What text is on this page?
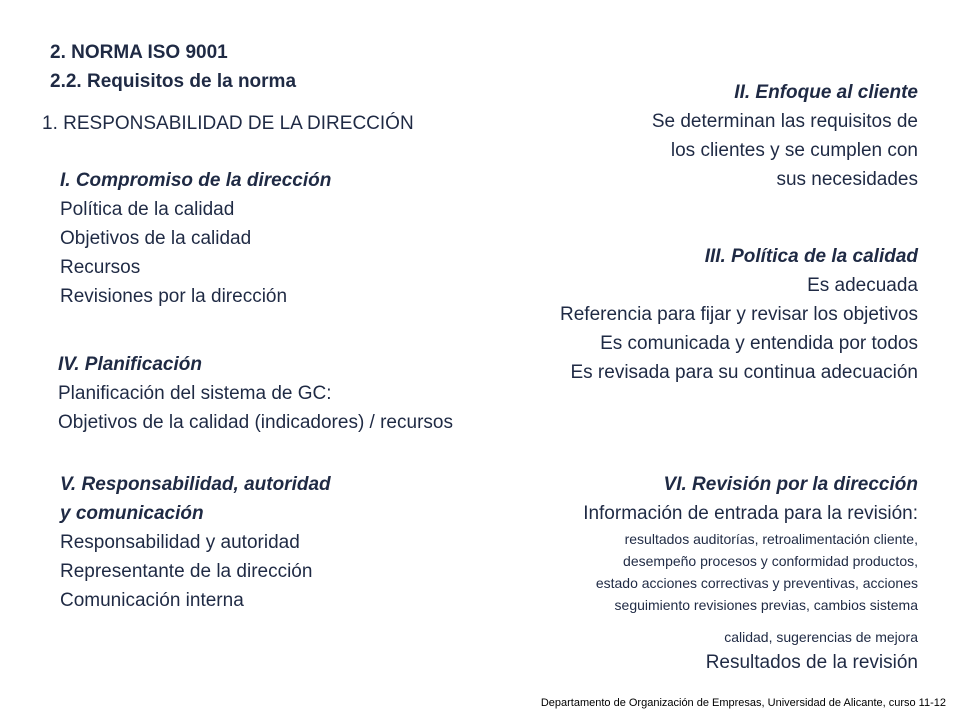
2. NORMA ISO 9001
2.2. Requisitos de la norma
1. RESPONSABILIDAD DE LA DIRECCIÓN
I. Compromiso de la dirección
Política de la calidad
Objetivos de la calidad
Recursos
Revisiones por la dirección
II. Enfoque al cliente
Se determinan las requisitos de
los clientes y se cumplen con
sus necesidades
III. Política de la calidad
Es adecuada
Referencia para fijar y revisar los objetivos
Es comunicada y entendida por todos
Es revisada para su continua adecuación
IV. Planificación
Planificación del sistema de GC:
Objetivos de la calidad (indicadores) / recursos
V. Responsabilidad, autoridad
y comunicación
Responsabilidad y autoridad
Representante de la dirección
Comunicación interna
VI. Revisión por la dirección
Información de entrada para la revisión:
resultados auditorías, retroalimentación cliente,
desempeño procesos y conformidad productos,
estado acciones correctivas y preventivas, acciones
seguimiento revisiones previas, cambios sistema
calidad, sugerencias de mejora
Resultados de la revisión
Departamento de Organización de Empresas, Universidad de Alicante, curso 11-12
